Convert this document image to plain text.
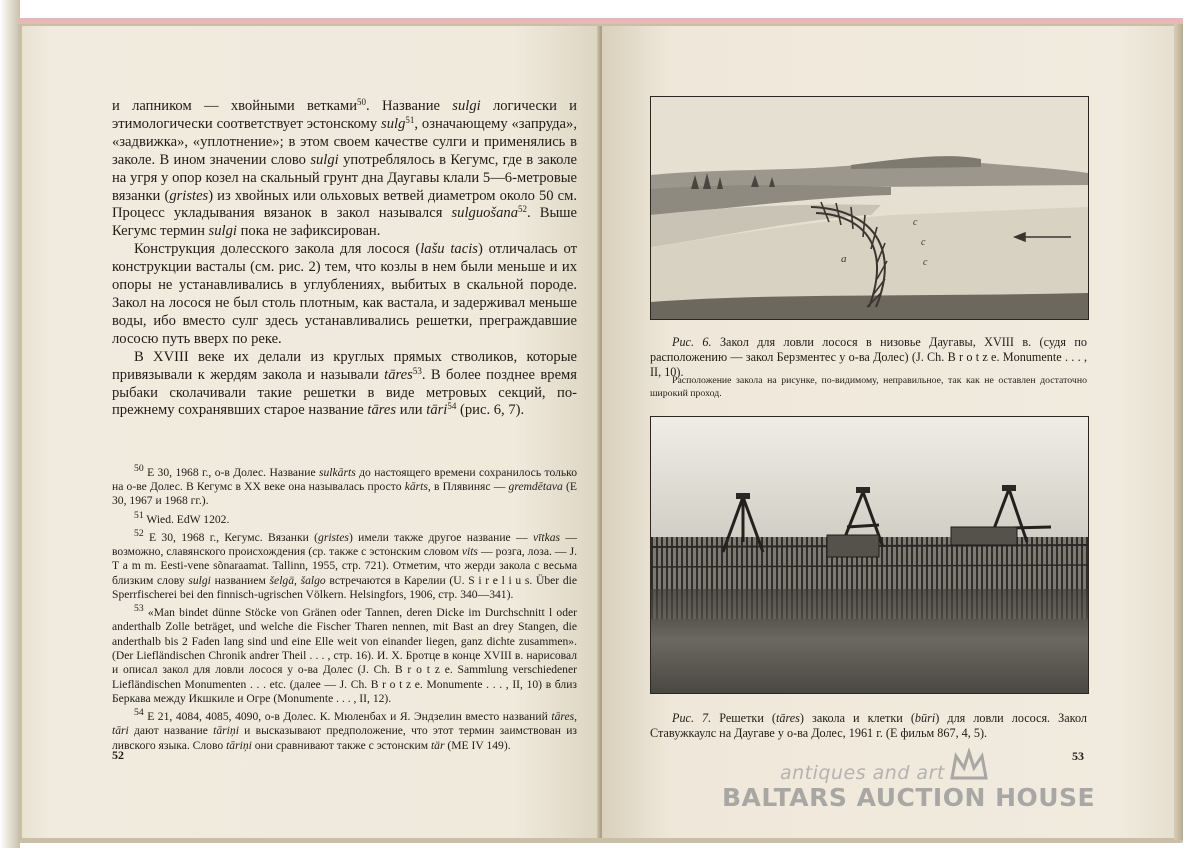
и лапником — хвойными ветками$^{50}$. Название sulgi логически и этимологически соответствует эстонскому sulg$^{51}$, означающему «запруда», «задвижка», «уплотнение»; в этом своем качестве сулги и применялись в заколе. В ином значении слово sulgi употреблялось в Кегумс, где в заколе на угря у опор козел на скальный грунт дна Даугавы клали 5—6-метровые вязанки (gristes) из хвойных или ольховых ветвей диаметром около 50 см. Процесс укладывания вязанок в закол назывался sulguošana$^{52}$. Выше Кегумс термин sulgi пока не зафиксирован.

Конструкция долесского закола для лосося (lašu tacis) отличалась от конструкции васталы (см. рис. 2) тем, что козлы в нем были меньше и их опоры не устанавливались в углублениях, выбитых в скальной породе. Закол на лосося не был столь плотным, как вастала, и задерживал меньше воды, ибо вместо сулг здесь устанавливались решетки, преграждавшие лососю путь вверх по реке.

В XVIII веке их делали из круглых прямых стволиков, которые привязывали к жердям закола и называли tāres$^{53}$. В более позднее время рыбаки сколачивали такие решетки в виде метровых секций, по-прежнему сохранявших старое название tāres или tāri$^{54}$ (рис. 6, 7).

$^{50}$ E 30, 1968 г., о-в Долес. Название sulkārts до настоящего времени сохранилось только на о-ве Долес. В Кегумс в XX веке она называлась просто kārts, в Плявиняс — gremdētava (E 30, 1967 и 1968 гг.).

$^{51}$ Wied. EdW 1202.

$^{52}$ E 30, 1968 г., Кегумс. Вязанки (gristes) имели также другое название — vītkas — возможно, славянского происхождения (ср. также с эстонским словом vits — розга, лоза. — J. T a m m. Eesti-vene sõnaraamat. Tallinn, 1955, стр. 721). Отметим, что жерди закола с весьма близким слову sulgi названием šelgä, šalgo встречаются в Карелии (U. S i r e l i u s. Über die Sperrfischerei bei den finnisch-ugrischen Völkern. Helsingfors, 1906, стр. 340—341).

$^{53}$ «Man bindet dünne Stöcke von Gränen oder Tannen, deren Dicke im Durchschnitt l oder anderthalb Zolle beträget, und welche die Fischer Tharen nennen, mit Bast an drey Stangen, die anderthalb bis 2 Faden lang sind und eine Elle weit von einander liegen, ganz dichte zusammen». (Der Liefländischen Chronik andrer Theil . . . , стр. 16). И. Х. Бротце в конце XVIII в. нарисовал и описал закол для ловли лосося у о-ва Долес (J. Ch. B r o t z e. Sammlung verschiedener Liefländischen Monumenten . . . etc. (далее — J. Ch. B r o t z e. Monumente . . . , II, 10) в близ Беркава между Икшкиле и Огре (Monumente . . . , II, 12).

$^{54}$ E 21, 4084, 4085, 4090, о-в Долес. К. Мюленбах и Я. Эндзелин вместо названий tāres, tāri дают название tāriņi и высказывают предположение, что этот термин заимствован из ливского языка. Слово tāriņi они сравнивают также с эстонским tär (ME IV 149).

52
a
c
c
c

Рис. 6. Закол для ловли лосося в низовье Даугавы, XVIII в. (судя по расположению — закол Берзментес у о-ва Долес) (J. Ch. B r o t z e. Monumente . . . , II, 10).

Расположение закола на рисунке, по-видимому, неправильное, так как не оставлен достаточно широкий проход.

Рис. 7. Решетки (tāres) закола и клетки (būri) для ловли лосося. Закол Ставужкаулс на Даугаве у о-ва Долес, 1961 г. (E фильм 867, 4, 5).

53
antiques and art
BALTARS AUCTION HOUSE
